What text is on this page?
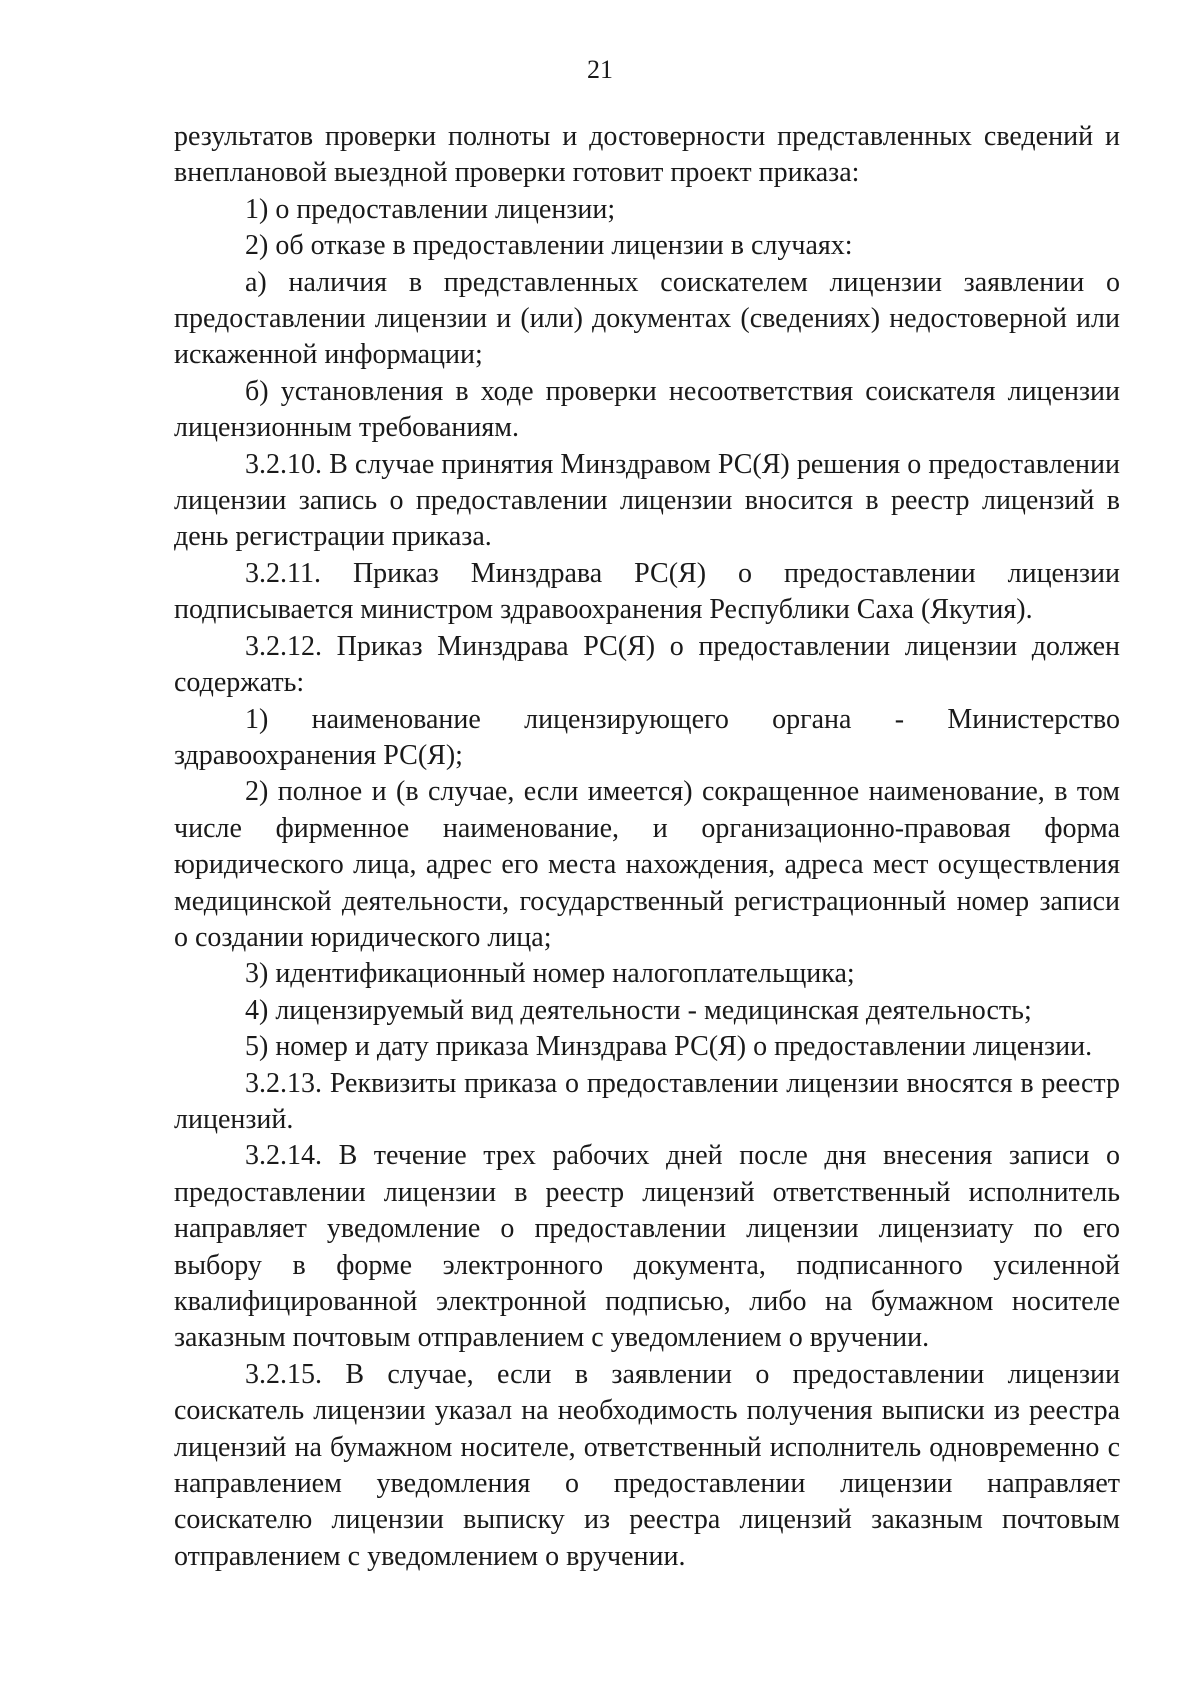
21

результатов проверки полноты и достоверности представленных сведений и внеплановой выездной проверки готовит проект приказа:

1) о предоставлении лицензии;

2) об отказе в предоставлении лицензии в случаях:

а) наличия в представленных соискателем лицензии заявлении о предоставлении лицензии и (или) документах (сведениях) недостоверной или искаженной информации;

б) установления в ходе проверки несоответствия соискателя лицензии лицензионным требованиям.

3.2.10. В случае принятия Минздравом РС(Я) решения о предоставлении лицензии запись о предоставлении лицензии вносится в реестр лицензий в день регистрации приказа.

3.2.11. Приказ Минздрава РС(Я) о предоставлении лицензии подписывается министром здравоохранения Республики Саха (Якутия).

3.2.12. Приказ Минздрава РС(Я) о предоставлении лицензии должен содержать:

1) наименование лицензирующего органа - Министерство здравоохранения РС(Я);

2) полное и (в случае, если имеется) сокращенное наименование, в том числе фирменное наименование, и организационно-правовая форма юридического лица, адрес его места нахождения, адреса мест осуществления медицинской деятельности, государственный регистрационный номер записи о создании юридического лица;

3) идентификационный номер налогоплательщика;

4) лицензируемый вид деятельности - медицинская деятельность;

5) номер и дату приказа Минздрава РС(Я) о предоставлении лицензии.

3.2.13. Реквизиты приказа о предоставлении лицензии вносятся в реестр лицензий.

3.2.14. В течение трех рабочих дней после дня внесения записи о предоставлении лицензии в реестр лицензий ответственный исполнитель направляет уведомление о предоставлении лицензии лицензиату по его выбору в форме электронного документа, подписанного усиленной квалифицированной электронной подписью, либо на бумажном носителе заказным почтовым отправлением с уведомлением о вручении.

3.2.15. В случае, если в заявлении о предоставлении лицензии соискатель лицензии указал на необходимость получения выписки из реестра лицензий на бумажном носителе, ответственный исполнитель одновременно с направлением уведомления о предоставлении лицензии направляет соискателю лицензии выписку из реестра лицензий заказным почтовым отправлением с уведомлением о вручении.
